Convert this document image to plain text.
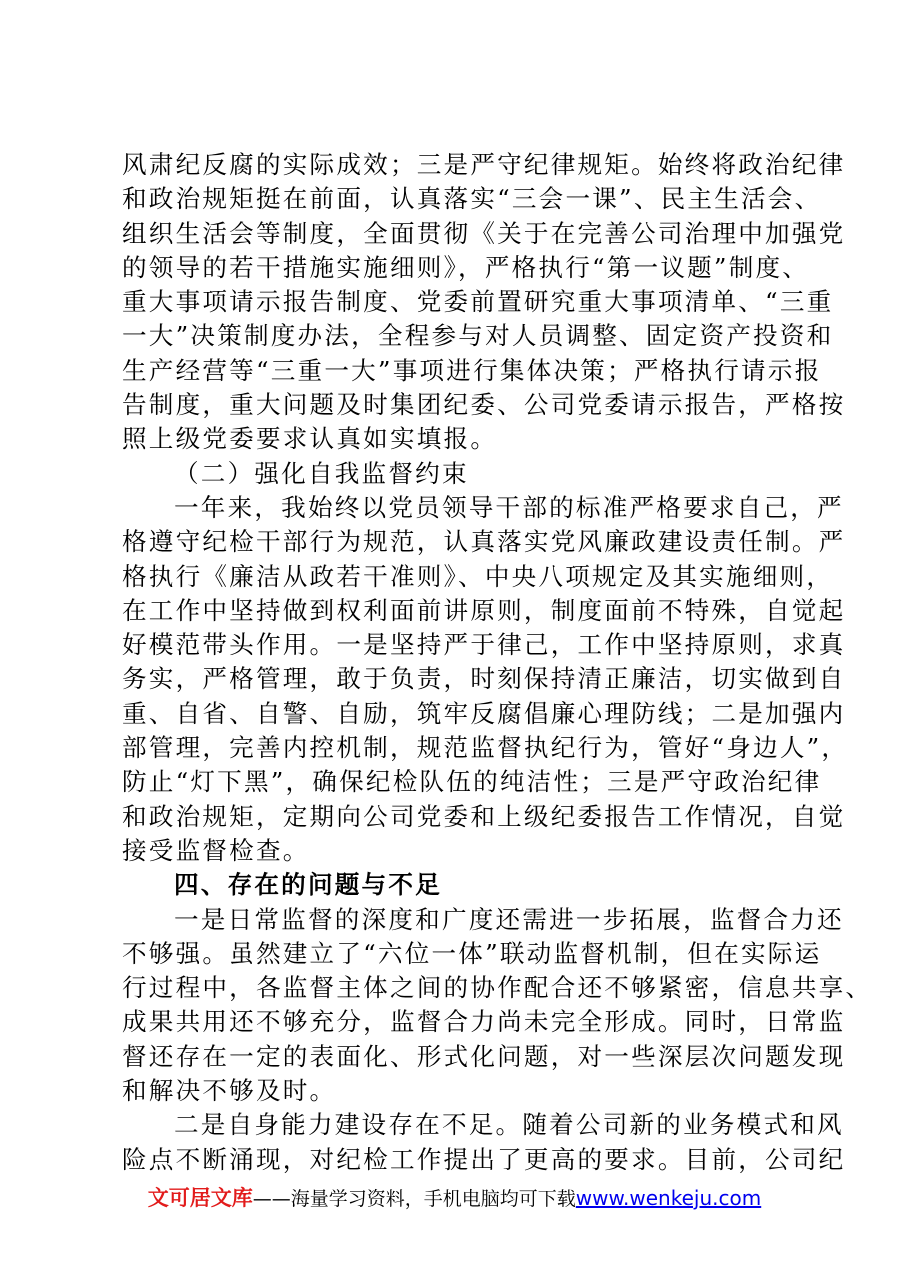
风肃纪反腐的实际成效；三是严守纪律规矩。始终将政治纪律
和政治规矩挺在前面，认真落实“三会一课”、民主生活会、
组织生活会等制度，全面贯彻《关于在完善公司治理中加强党
的领导的若干措施实施细则》，严格执行“第一议题”制度、
重大事项请示报告制度、党委前置研究重大事项清单、“三重
一大”决策制度办法，全程参与对人员调整、固定资产投资和
生产经营等“三重一大”事项进行集体决策；严格执行请示报
告制度，重大问题及时集团纪委、公司党委请示报告，严格按
照上级党委要求认真如实填报。
（二）强化自我监督约束
一年来，我始终以党员领导干部的标准严格要求自己，严
格遵守纪检干部行为规范，认真落实党风廉政建设责任制。严
格执行《廉洁从政若干准则》、中央八项规定及其实施细则，
在工作中坚持做到权利面前讲原则，制度面前不特殊，自觉起
好模范带头作用。一是坚持严于律己，工作中坚持原则，求真
务实，严格管理，敢于负责，时刻保持清正廉洁，切实做到自
重、自省、自警、自励，筑牢反腐倡廉心理防线；二是加强内
部管理，完善内控机制，规范监督执纪行为，管好“身边人”，
防止“灯下黑”，确保纪检队伍的纯洁性；三是严守政治纪律
和政治规矩，定期向公司党委和上级纪委报告工作情况，自觉
接受监督检查。
四、存在的问题与不足
一是日常监督的深度和广度还需进一步拓展，监督合力还
不够强。虽然建立了“六位一体”联动监督机制，但在实际运
行过程中，各监督主体之间的协作配合还不够紧密，信息共享、
成果共用还不够充分，监督合力尚未完全形成。同时，日常监
督还存在一定的表面化、形式化问题，对一些深层次问题发现
和解决不够及时。
二是自身能力建设存在不足。随着公司新的业务模式和风
险点不断涌现，对纪检工作提出了更高的要求。目前，公司纪
文可居文库——海量学习资料，手机电脑均可下载www.wenkeju.com
